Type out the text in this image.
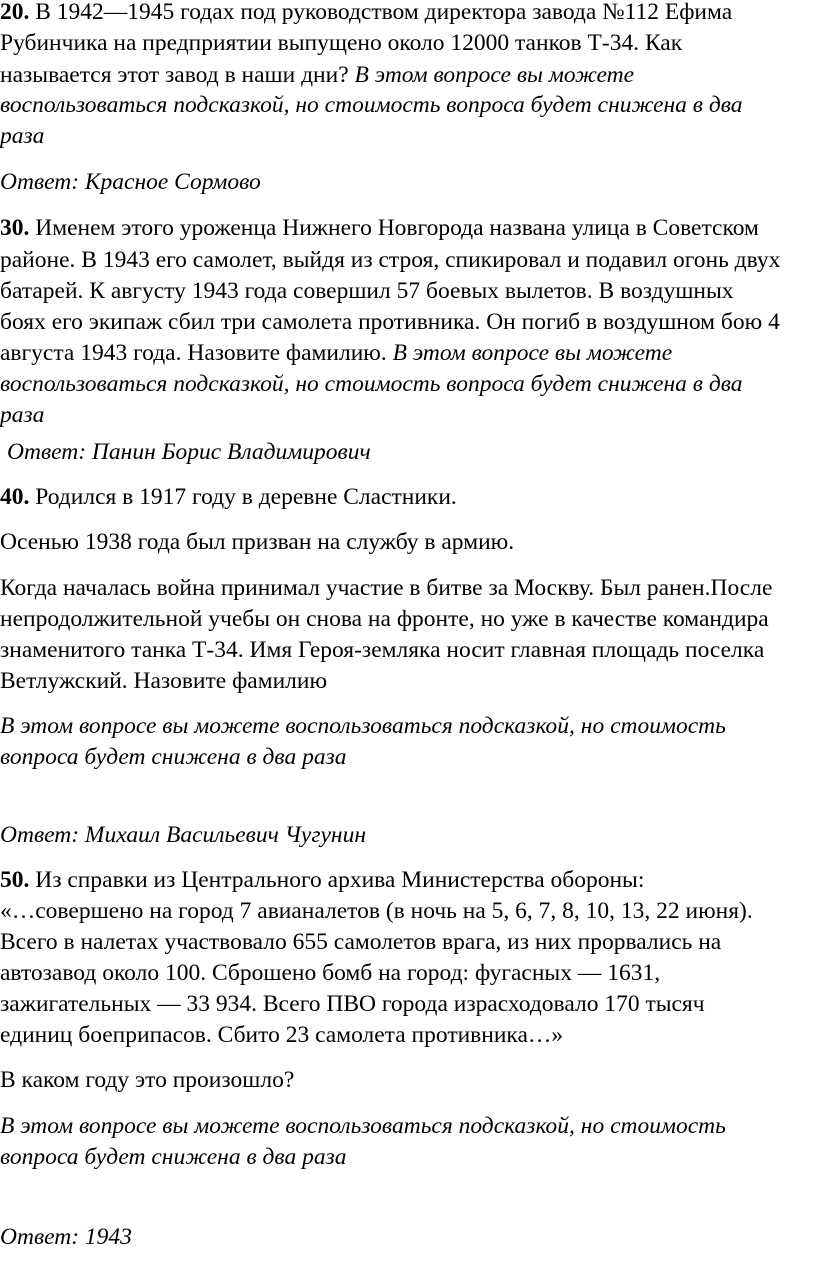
20. В 1942—1945 годах под руководством директора завода №112 Ефима
Рубинчика на предприятии выпущено около 12000 танков Т-34. Как
называется этот завод в наши дни? В этом вопросе вы можете
воспользоваться подсказкой, но стоимость вопроса будет снижена в два
раза
Ответ: Красное Сормово
30. Именем этого уроженца Нижнего Новгорода названа улица в Советском
районе. В 1943 его самолет, выйдя из строя, спикировал и подавил огонь двух
батарей. К августу 1943 года совершил 57 боевых вылетов. В воздушных
боях его экипаж сбил три самолета противника. Он погиб в воздушном бою 4
августа 1943 года. Назовите фамилию. В этом вопросе вы можете
воспользоваться подсказкой, но стоимость вопроса будет снижена в два
раза
Ответ: Панин Борис Владимирович
40. Родился в 1917 году в деревне Сластники.
Осенью 1938 года был призван на службу в армию.
Когда началась война принимал участие в битве за Москву. Был ранен.После
непродолжительной учебы он снова на фронте, но уже в качестве командира
знаменитого танка Т-34. Имя Героя-земляка носит главная площадь поселка
Ветлужский. Назовите фамилию
В этом вопросе вы можете воспользоваться подсказкой, но стоимость
вопроса будет снижена в два раза
Ответ: Михаил Васильевич Чугунин
50. Из справки из Центрального архива Министерства обороны:
«…совершено на город 7 авианалетов (в ночь на 5, 6, 7, 8, 10, 13, 22 июня).
Всего в налетах участвовало 655 самолетов врага, из них прорвались на
автозавод около 100. Сброшено бомб на город: фугасных — 1631,
зажигательных — 33 934. Всего ПВО города израсходовало 170 тысяч
единиц боеприпасов. Сбито 23 самолета противника…»
В каком году это произошло?
В этом вопросе вы можете воспользоваться подсказкой, но стоимость
вопроса будет снижена в два раза
Ответ: 1943
